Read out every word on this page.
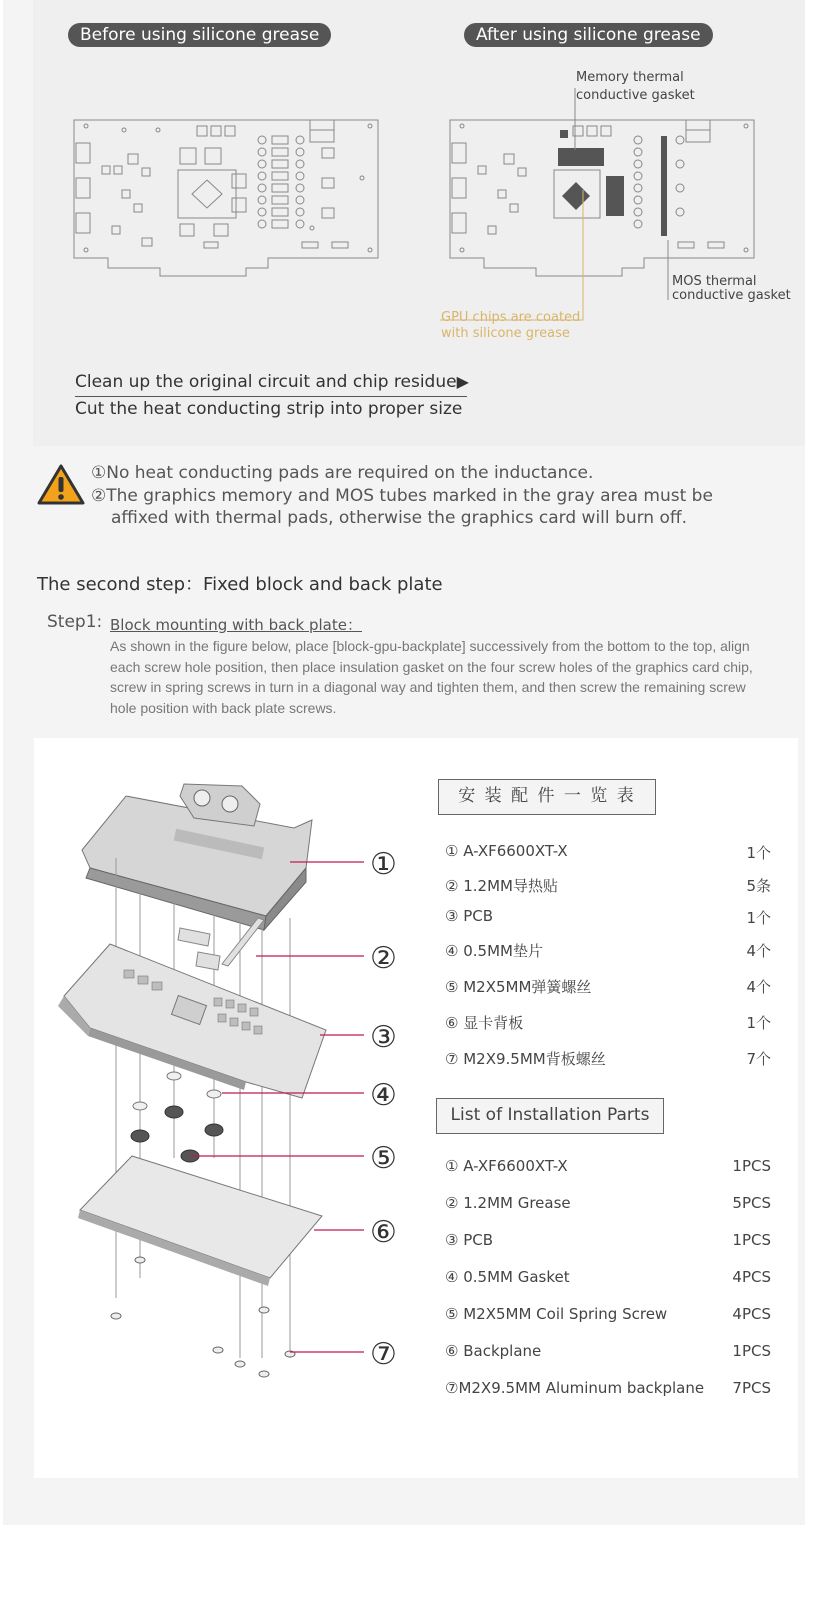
Before using silicone grease	After using silicone grease
Memory thermal
conductive gasket
MOS thermal
conductive gasket
GPU chips are coated
with silicone grease
Clean up the original circuit and chip residue▶
Cut the heat conducting strip into proper size
①No heat conducting pads are required on the inductance.
②The graphics memory and MOS tubes marked in the gray area must be
affixed with thermal pads, otherwise the graphics card will burn off.
The second step：Fixed block and back plate
Step1: Block mounting with back plate：
As shown in the figure below, place [block-gpu-backplate] successively from the bottom to the top, align each screw hole position, then place insulation gasket on the four screw holes of the graphics card chip, screw in spring screws in turn in a diagonal way and tighten them, and then screw the remaining screw hole position with back plate screws.
①
②
③
④
⑤
⑥
⑦
安 装 配 件 一 览 表
① A-XF6600XT-X	1个
② 1.2MM导热贴	5条
③ PCB	1个
④ 0.5MM垫片	4个
⑤ M2X5MM弹簧螺丝	4个
⑥ 显卡背板	1个
⑦ M2X9.5MM背板螺丝	7个
List of Installation Parts
① A-XF6600XT-X	1PCS
② 1.2MM Grease	5PCS
③ PCB	1PCS
④ 0.5MM Gasket	4PCS
⑤ M2X5MM Coil Spring Screw	4PCS
⑥ Backplane	1PCS
⑦M2X9.5MM Aluminum backplane 7PCS
